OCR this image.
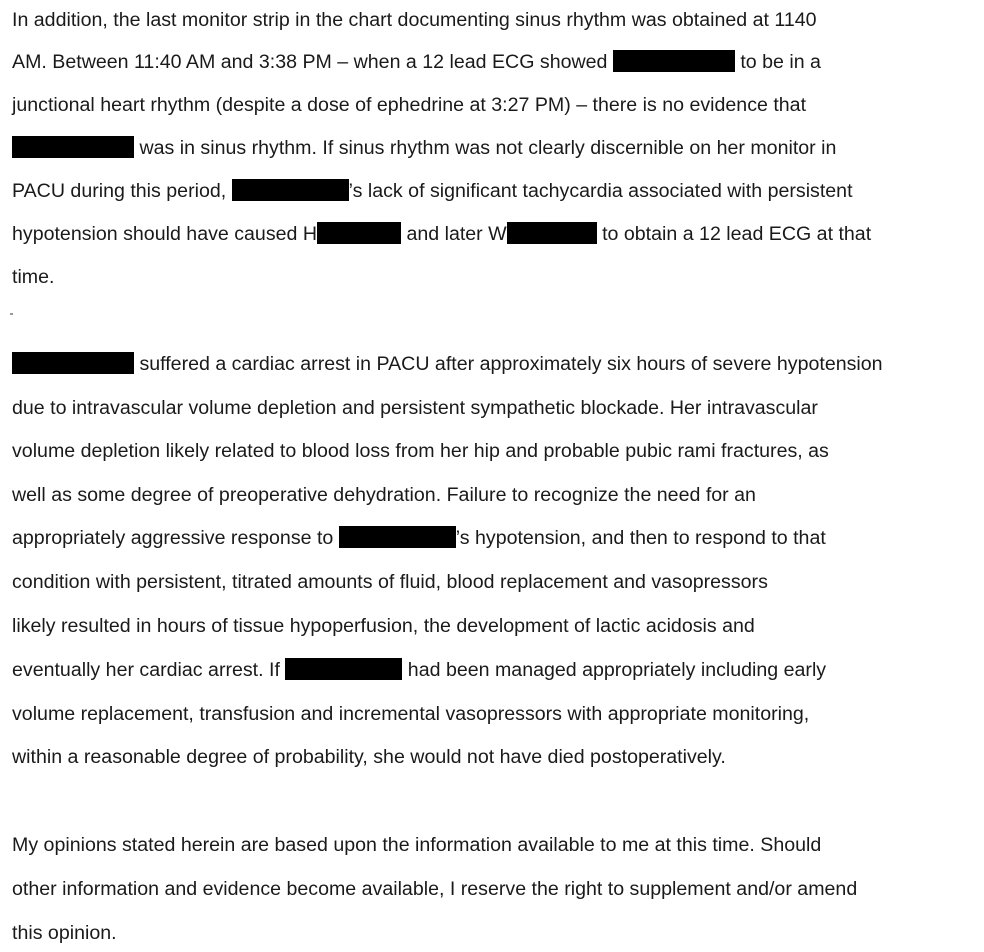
In addition, the last monitor strip in the chart documenting sinus rhythm was obtained at 1140
AM. Between 11:40 AM and 3:38 PM – when a 12 lead ECG showed	to be in a
junctional heart rhythm (despite a dose of ephedrine at 3:27 PM) – there is no evidence that
was in sinus rhythm. If sinus rhythm was not clearly discernible on her monitor in
PACU during this period,	’s lack of significant tachycardia associated with persistent
hypotension should have caused H	and later W	to obtain a 12 lead ECG at that
time.
suffered a cardiac arrest in PACU after approximately six hours of severe hypotension
due to intravascular volume depletion and persistent sympathetic blockade. Her intravascular
volume depletion likely related to blood loss from her hip and probable pubic rami fractures, as
well as some degree of preoperative dehydration. Failure to recognize the need for an
appropriately aggressive response to	’s hypotension, and then to respond to that
condition with persistent, titrated amounts of fluid, blood replacement and vasopressors
likely resulted in hours of tissue hypoperfusion, the development of lactic acidosis and
eventually her cardiac arrest. If	had been managed appropriately including early
volume replacement, transfusion and incremental vasopressors with appropriate monitoring,
within a reasonable degree of probability, she would not have died postoperatively.
My opinions stated herein are based upon the information available to me at this time. Should
other information and evidence become available, I reserve the right to supplement and/or amend
this opinion.
